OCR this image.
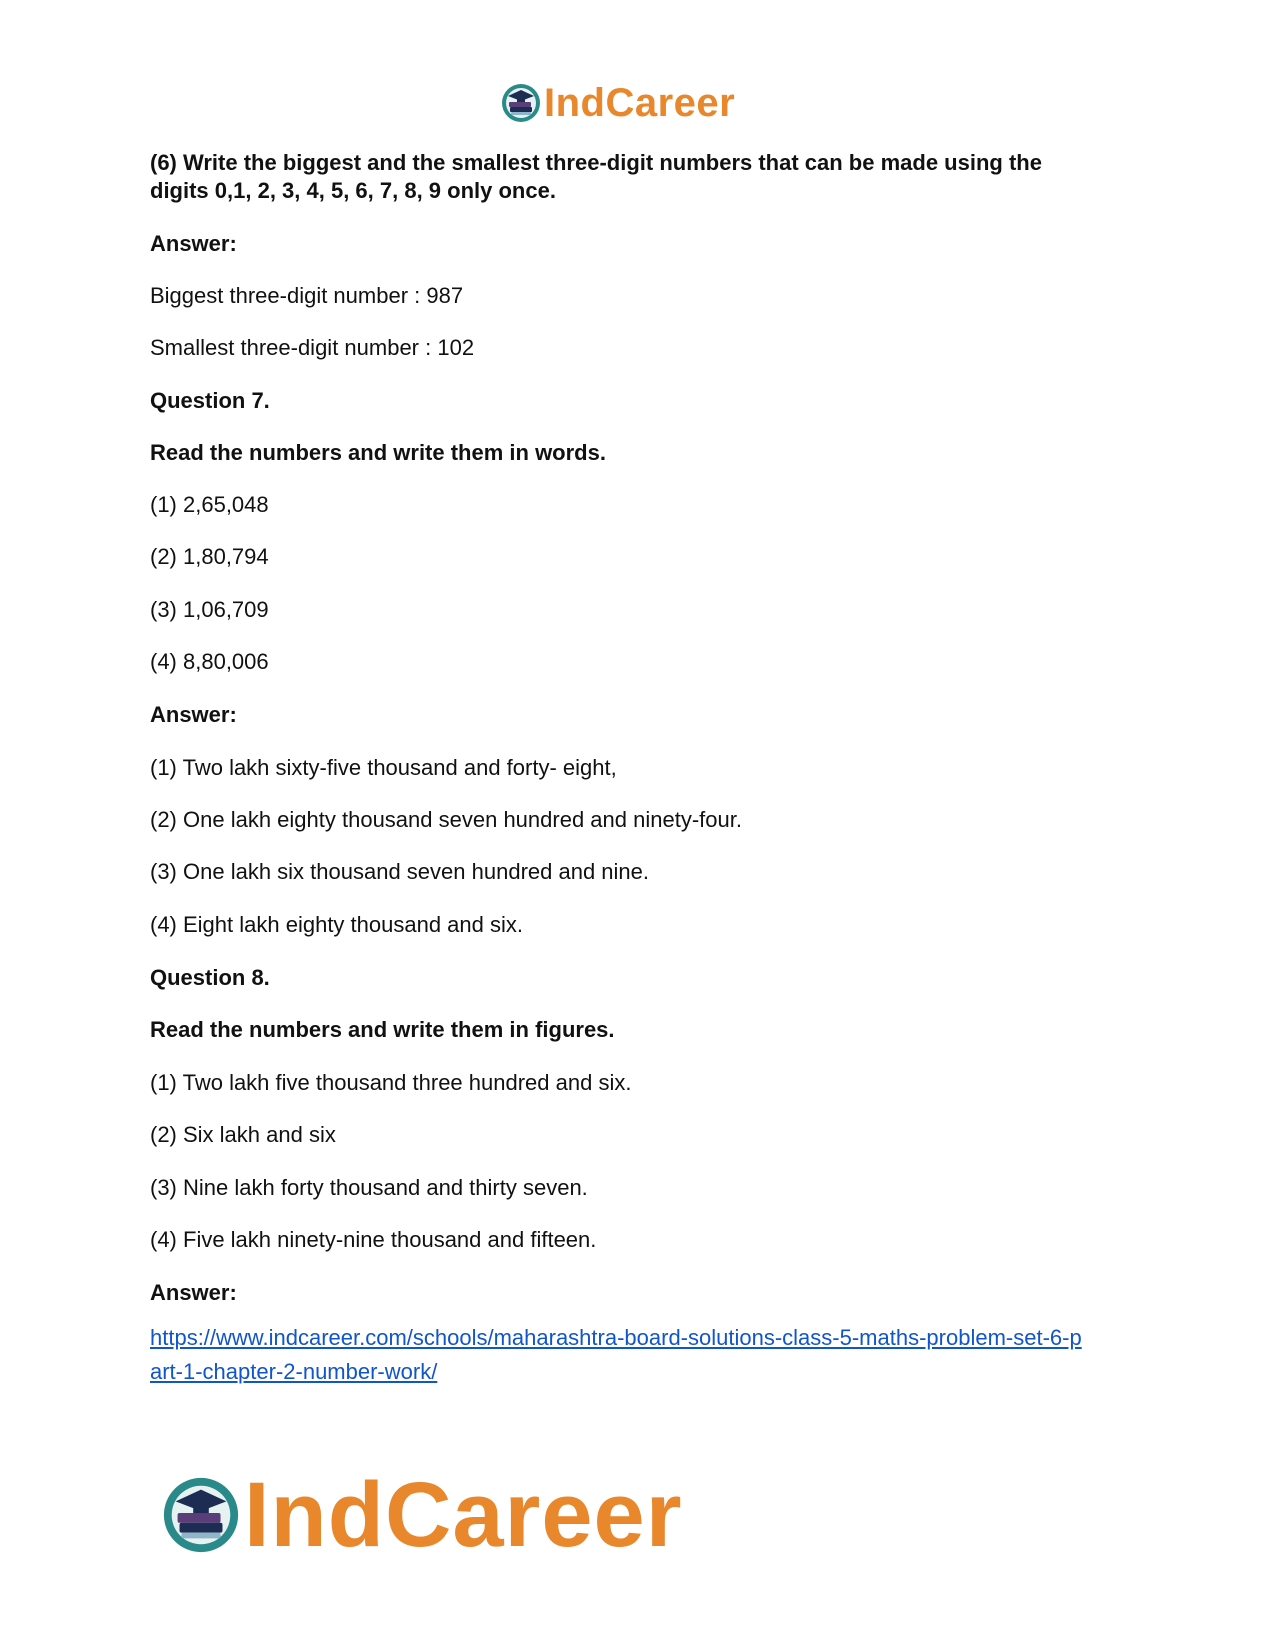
IndCareer
(6) Write the biggest and the smallest three-digit numbers that can be made using the
digits 0,1, 2, 3, 4, 5, 6, 7, 8, 9 only once.
Answer:
Biggest three-digit number : 987
Smallest three-digit number : 102
Question 7.
Read the numbers and write them in words.
(1) 2,65,048
(2) 1,80,794
(3) 1,06,709
(4) 8,80,006
Answer:
(1) Two lakh sixty-five thousand and forty- eight,
(2) One lakh eighty thousand seven hundred and ninety-four.
(3) One lakh six thousand seven hundred and nine.
(4) Eight lakh eighty thousand and six.
Question 8.
Read the numbers and write them in figures.
(1) Two lakh five thousand three hundred and six.
(2) Six lakh and six
(3) Nine lakh forty thousand and thirty seven.
(4) Five lakh ninety-nine thousand and fifteen.
Answer:
https://www.indcareer.com/schools/maharashtra-board-solutions-class-5-maths-problem-set-6-p
art-1-chapter-2-number-work/
IndCareer
